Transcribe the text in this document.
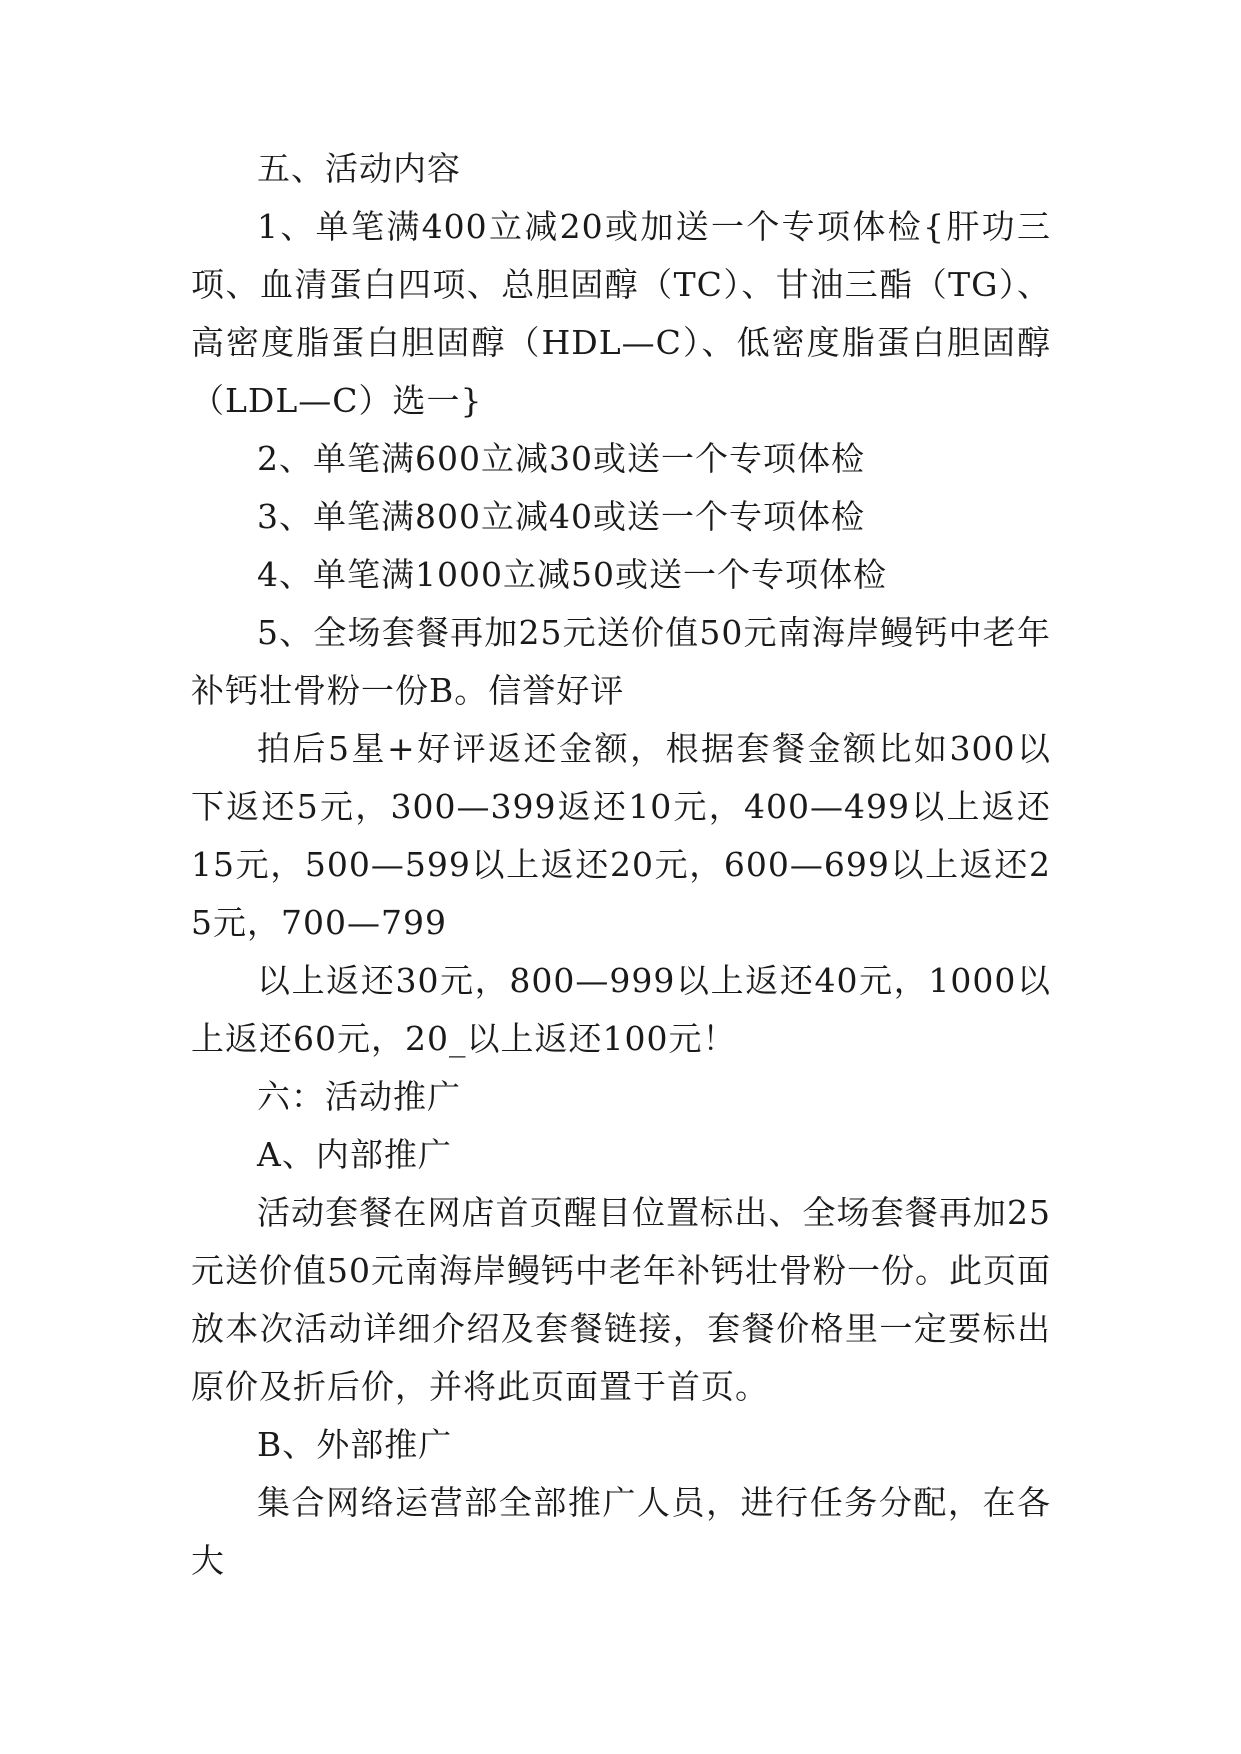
五、活动内容

1、单笔满400立减20或加送一个专项体检{肝功三项、血清蛋白四项、总胆固醇（TC）、甘油三酯（TG）、高密度脂蛋白胆固醇（HDL—C）、低密度脂蛋白胆固醇（LDL—C）选一}

2、单笔满600立减30或送一个专项体检

3、单笔满800立减40或送一个专项体检

4、单笔满1000立减50或送一个专项体检

5、全场套餐再加25元送价值50元南海岸鳗钙中老年补钙壮骨粉一份B。信誉好评

拍后5星+好评返还金额，根据套餐金额比如300以下返还5元，300—399返还10元，400—499以上返还15元，500—599以上返还20元，600—699以上返还25元，700—799

以上返还30元，800—999以上返还40元，1000以上返还60元，20_以上返还100元！

六：活动推广

A、内部推广

活动套餐在网店首页醒目位置标出、全场套餐再加25元送价值50元南海岸鳗钙中老年补钙壮骨粉一份。此页面放本次活动详细介绍及套餐链接，套餐价格里一定要标出原价及折后价，并将此页面置于首页。

B、外部推广

集合网络运营部全部推广人员，进行任务分配，在各大
